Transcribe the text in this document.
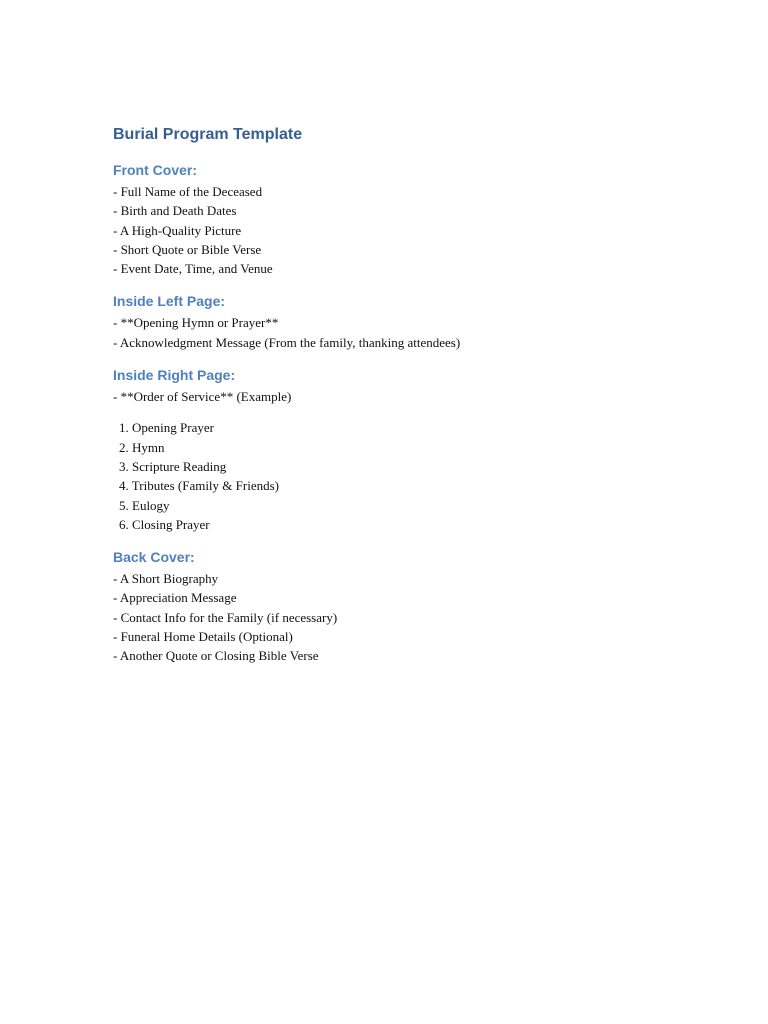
Burial Program Template
Front Cover:

- Full Name of the Deceased

- Birth and Death Dates

- A High-Quality Picture

- Short Quote or Bible Verse

- Event Date, Time, and Venue

Inside Left Page:

- **Opening Hymn or Prayer**

- Acknowledgment Message (From the family, thanking attendees)

Inside Right Page:

- **Order of Service** (Example)

1. Opening Prayer

2. Hymn

3. Scripture Reading

4. Tributes (Family & Friends)

5. Eulogy

6. Closing Prayer

Back Cover:

- A Short Biography

- Appreciation Message

- Contact Info for the Family (if necessary)

- Funeral Home Details (Optional)

- Another Quote or Closing Bible Verse
